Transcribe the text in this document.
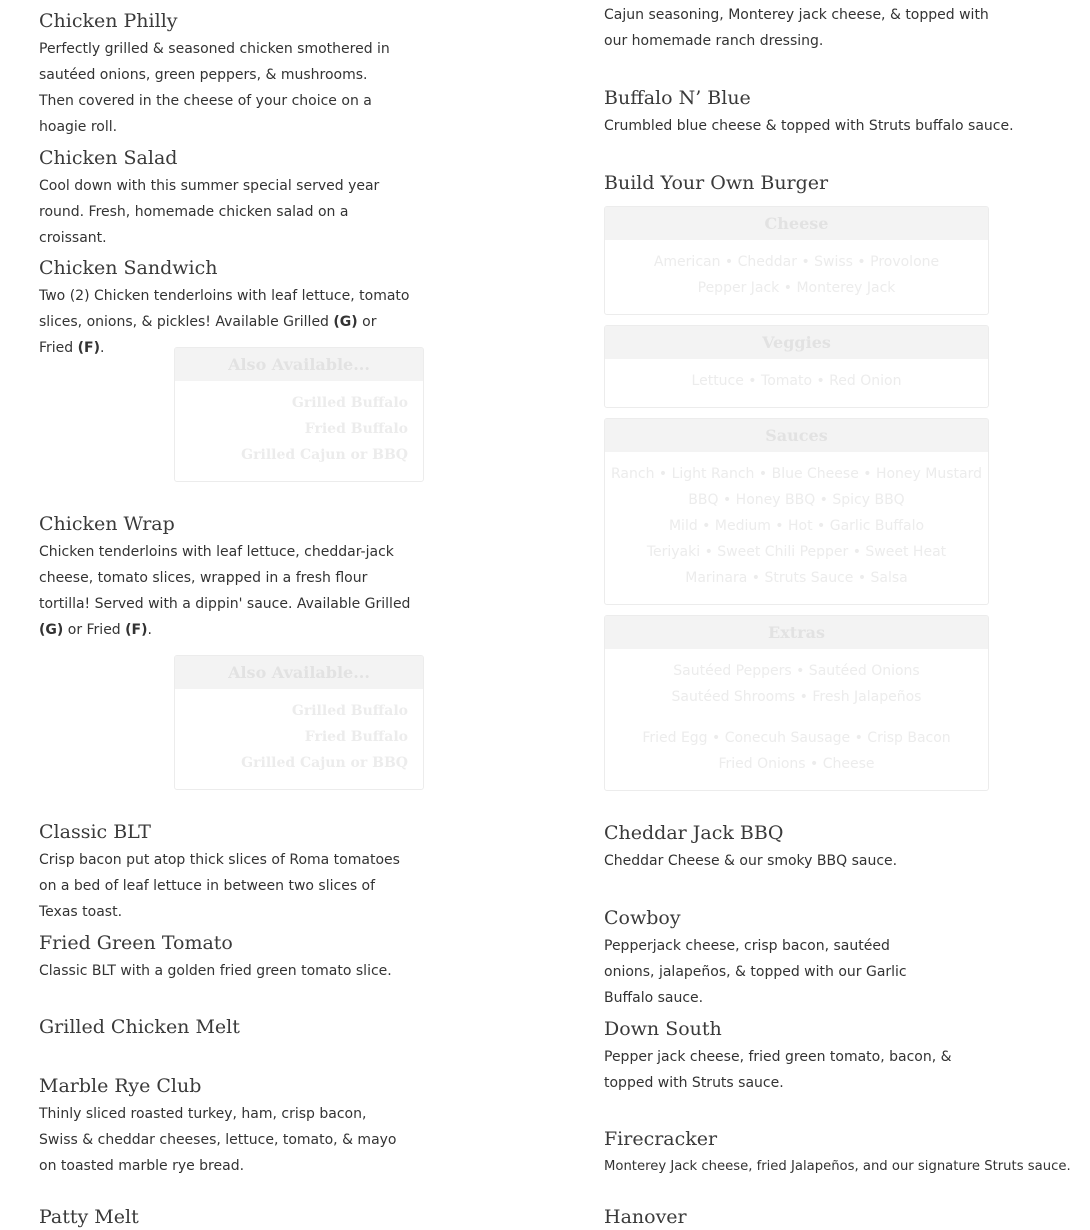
Chicken Philly
Perfectly grilled & seasoned chicken smothered in sautéed onions, green peppers, & mushrooms. Then covered in the cheese of your choice on a hoagie roll.
Chicken Salad
Cool down with this summer special served year round. Fresh, homemade chicken salad on a croissant.
Chicken Sandwich
Two (2) Chicken tenderloins with leaf lettuce, tomato slices, onions, & pickles! Available Grilled (G) or Fried (F).
Also Available...
Grilled Buffalo
Fried Buffalo
Grilled Cajun or BBQ
Chicken Wrap
Chicken tenderloins with leaf lettuce, cheddar-jack cheese, tomato slices, wrapped in a fresh flour tortilla! Served with a dippin' sauce. Available Grilled (G) or Fried (F).
Also Available...
Grilled Buffalo
Fried Buffalo
Grilled Cajun or BBQ
Classic BLT
Crisp bacon put atop thick slices of Roma tomatoes on a bed of leaf lettuce in between two slices of Texas toast.
Fried Green Tomato
Classic BLT with a golden fried green tomato slice.
Grilled Chicken Melt
Marble Rye Club
Thinly sliced roasted turkey, ham, crisp bacon, Swiss & cheddar cheeses, lettuce, tomato, & mayo on toasted marble rye bread.
Patty Melt
Cajun seasoning, Monterey jack cheese, & topped with our homemade ranch dressing.
Buffalo N’ Blue
Crumbled blue cheese & topped with Struts buffalo sauce.
Build Your Own Burger
Cheese
American • Cheddar • Swiss • Provolone
Pepper Jack • Monterey Jack
Veggies
Lettuce • Tomato • Red Onion
Sauces
Ranch • Light Ranch • Blue Cheese • Honey Mustard
BBQ • Honey BBQ • Spicy BBQ
Mild • Medium • Hot • Garlic Buffalo
Teriyaki • Sweet Chili Pepper • Sweet Heat
Marinara • Struts Sauce • Salsa
Extras
Sautéed Peppers • Sautéed Onions
Sautéed Shrooms • Fresh Jalapeños
Fried Egg • Conecuh Sausage • Crisp Bacon
Fried Onions • Cheese
Cheddar Jack BBQ
Cheddar Cheese & our smoky BBQ sauce.
Cowboy
Pepperjack cheese, crisp bacon, sautéed onions, jalapeños, & topped with our Garlic Buffalo sauce.
Down South
Pepper jack cheese, fried green tomato, bacon, & topped with Struts sauce.
Firecracker
Monterey Jack cheese, fried Jalapeños, and our signature Struts sauce.
Hanover
